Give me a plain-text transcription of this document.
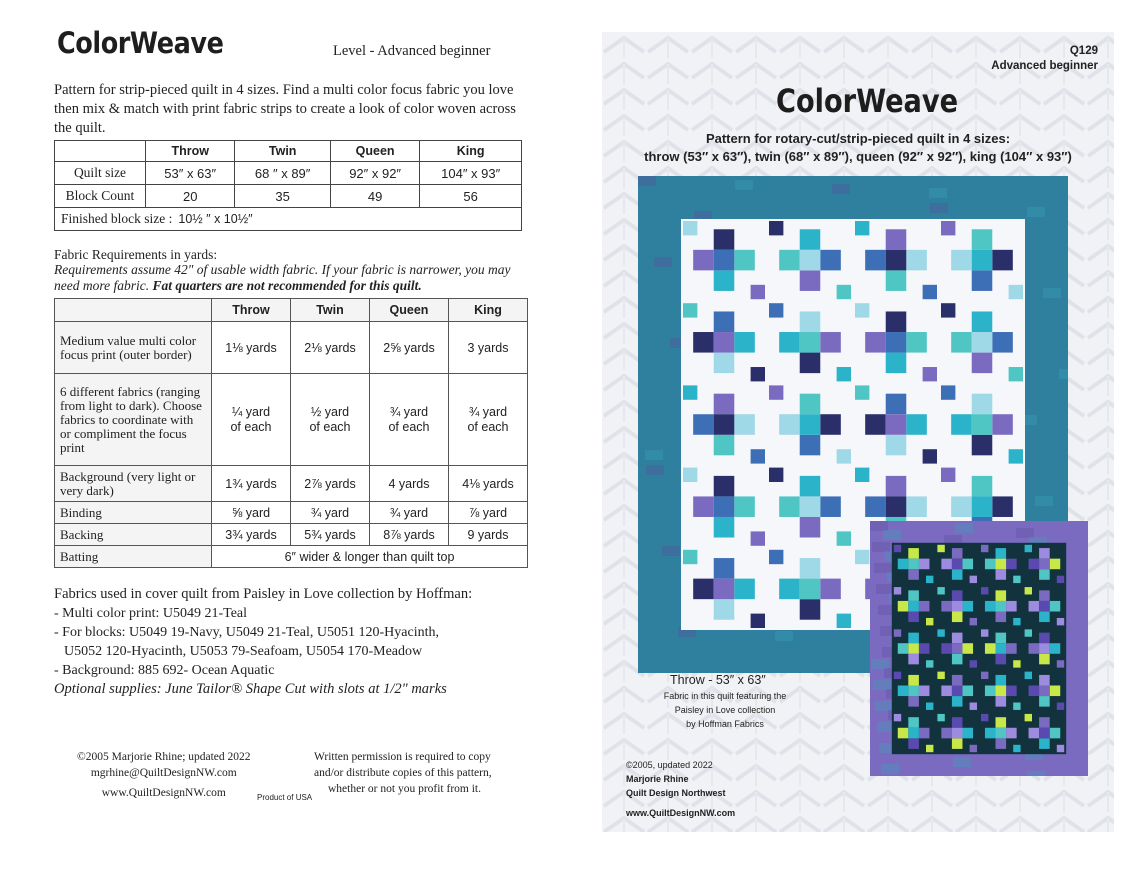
ColorWeave	Level - Advanced beginner
Pattern for strip-pieced quilt in 4 sizes. Find a multi color focus fabric you love then mix & match with print fabric strips to create a look of color woven across the quilt.
	Throw	Twin	Queen	King
Quilt size	53″ x 63″	68 ″ x 89″	92″ x 92″	104″ x 93″
Block Count	20	35	49	56
Finished block size : 10½ ″ x 10½″				
Fabric Requirements in yards:
Requirements assume 42" of usable width fabric. If your fabric is narrower, you may need more fabric. Fat quarters are not recommended for this quilt.
	Throw	Twin	Queen	King
Medium value multi color focus print (outer border)	1⅛ yards	2⅛ yards	2⅝ yards	3 yards
6 different fabrics (ranging from light to dark). Choose fabrics to coordinate with or compliment the focus print	¼ yard of each	½ yard of each	¾ yard of each	¾ yard of each
Background (very light or very dark)	1¾ yards	2⅞ yards	4 yards	4⅛ yards
Binding	⅝ yard	¾ yard	¾ yard	⅞ yard
Backing	3¾ yards	5¾ yards	8⅞ yards	9 yards
Batting	6″ wider & longer than quilt top			
Fabrics used in cover quilt from Paisley in Love collection by Hoffman:
- Multi color print: U5049 21-Teal
- For blocks: U5049 19-Navy, U5049 21-Teal, U5051 120-Hyacinth,
U5052 120-Hyacinth, U5053 79-Seafoam, U5054 170-Meadow
- Background: 885 692- Ocean Aquatic
Optional supplies: June Tailor® Shape Cut with slots at 1/2" marks
©2005 Marjorie Rhine; updated 2022
mgrhine@QuiltDesignNW.com
www.QuiltDesignNW.com	Product of USA
Written permission is required to copy
and/or distribute copies of this pattern,
whether or not you profit from it.
Q129
Advanced beginner
ColorWeave
Pattern for rotary-cut/strip-pieced quilt in 4 sizes:
throw (53″ x 63″), twin (68″ x 89″), queen (92″ x 92″), king (104″ x 93″)
Throw - 53″ x 63″
Fabric in this quilt featuring the
Paisley in Love collection
by Hoffman Fabrics
©2005, updated 2022
Marjorie Rhine
Quilt Design Northwest
www.QuiltDesignNW.com
